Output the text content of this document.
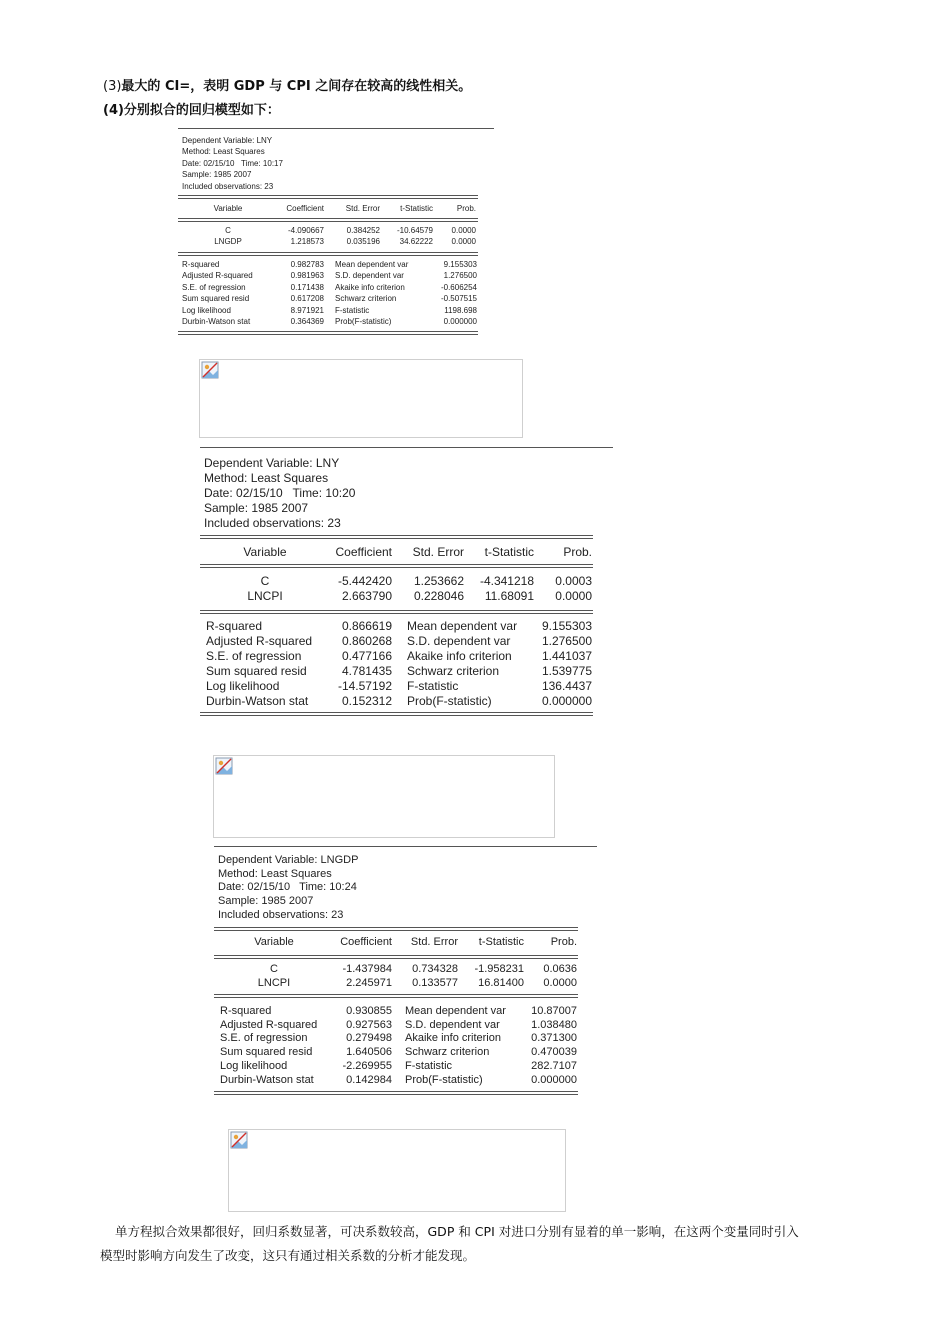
(3)最大的 CI=，表明 GDP 与 CPI 之间存在较高的线性相关。
(4)分别拟合的回归模型如下：
Dependent Variable: LNY
Method: Least Squares
Date: 02/15/10   Time: 10:17
Sample: 1985 2007
Included observations: 23
Variable	Coefficient	Std. Error	t-Statistic	Prob.
C	-4.090667	0.384252	-10.64579	0.0000
LNGDP	1.218573	0.035196	34.62222	0.0000
R-squared	0.982783 Mean dependent var	9.155303
Adjusted R-squared	0.981963 S.D. dependent var	1.276500
S.E. of regression	0.171438 Akaike info criterion	-0.606254
Sum squared resid	0.617208 Schwarz criterion	-0.507515
Log likelihood	8.971921 F-statistic	1198.698
Durbin-Watson stat	0.364369 Prob(F-statistic)	0.000000
Dependent Variable: LNY
Method: Least Squares
Date: 02/15/10   Time: 10:20
Sample: 1985 2007
Included observations: 23
Variable	Coefficient	Std. Error	t-Statistic	Prob.
C	-5.442420	1.253662	-4.341218	0.0003
LNCPI	2.663790	0.228046	11.68091	0.0000
R-squared	0.866619 Mean dependent var	9.155303
Adjusted R-squared	0.860268 S.D. dependent var	1.276500
S.E. of regression	0.477166 Akaike info criterion	1.441037
Sum squared resid	4.781435 Schwarz criterion	1.539775
Log likelihood	-14.57192 F-statistic	136.4437
Durbin-Watson stat	0.152312 Prob(F-statistic)	0.000000
Dependent Variable: LNGDP
Method: Least Squares
Date: 02/15/10   Time: 10:24
Sample: 1985 2007
Included observations: 23
Variable	Coefficient	Std. Error	t-Statistic	Prob.
C	-1.437984	0.734328	-1.958231	0.0636
LNCPI	2.245971	0.133577	16.81400	0.0000
R-squared	0.930855 Mean dependent var	10.87007
Adjusted R-squared	0.927563 S.D. dependent var	1.038480
S.E. of regression	0.279498 Akaike info criterion	0.371300
Sum squared resid	1.640506 Schwarz criterion	0.470039
Log likelihood	-2.269955 F-statistic	282.7107
Durbin-Watson stat	0.142984 Prob(F-statistic)	0.000000
单方程拟合效果都很好，回归系数显著，可决系数较高，GDP 和 CPI 对进口分别有显着的单一影响，在这两个变量同时引入
模型时影响方向发生了改变，这只有通过相关系数的分析才能发现。
